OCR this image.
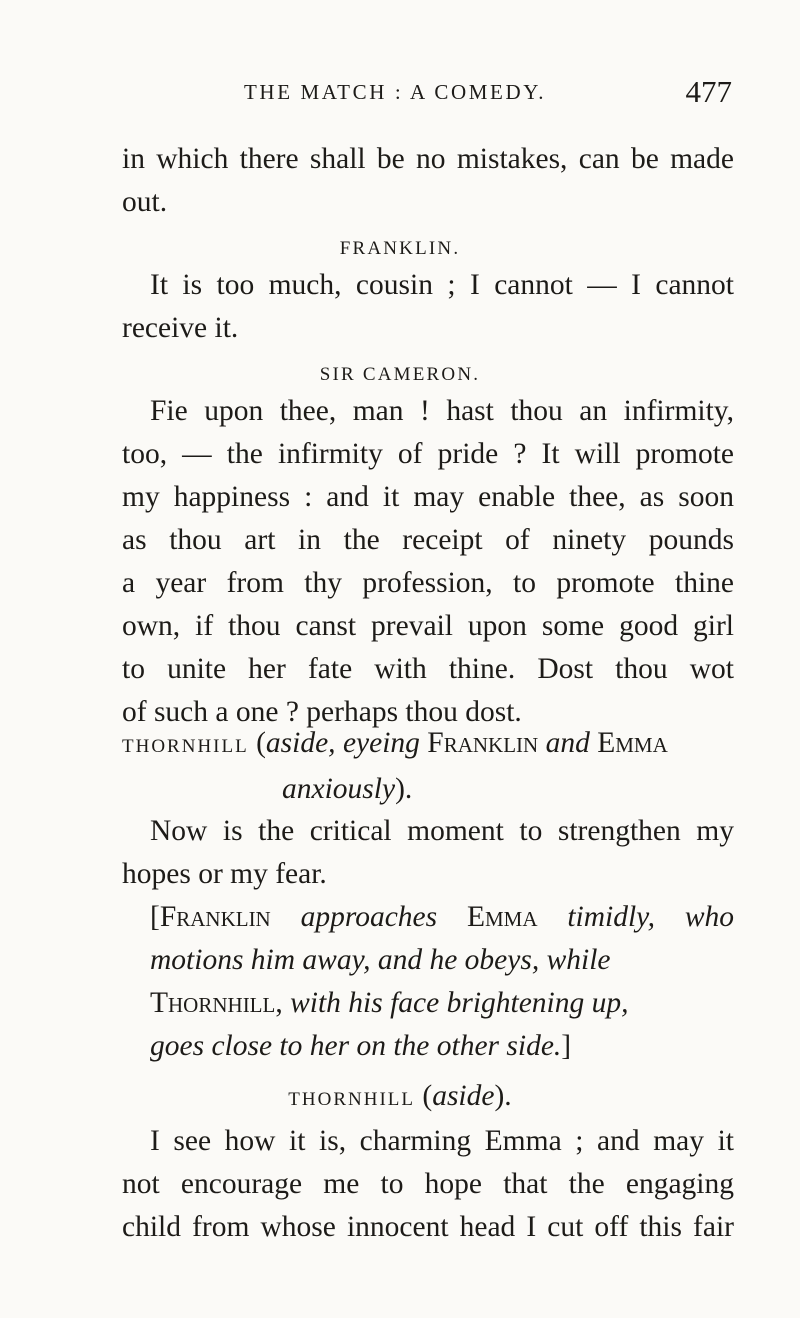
THE MATCH : A COMEDY.	477
in which there shall be no mistakes, can be made
out.
FRANKLIN.
It is too much, cousin ; I cannot — I cannot
receive it.
SIR CAMERON.
Fie upon thee, man ! hast thou an infirmity,
too, — the infirmity of pride ? It will promote
my happiness : and it may enable thee, as soon
as thou art in the receipt of ninety pounds
a year from thy profession, to promote thine
own, if thou canst prevail upon some good girl
to unite her fate with thine. Dost thou wot
of such a one ? perhaps thou dost.
THORNHILL (aside, eyeing Franklin and Emma
anxiously).
Now is the critical moment to strengthen my
hopes or my fear.
[Franklin approaches Emma timidly, who
motions him away, and he obeys, while
Thornhill, with his face brightening up,
goes close to her on the other side.]
THORNHILL (aside).
I see how it is, charming Emma ; and may it
not encourage me to hope that the engaging
child from whose innocent head I cut off this fair
